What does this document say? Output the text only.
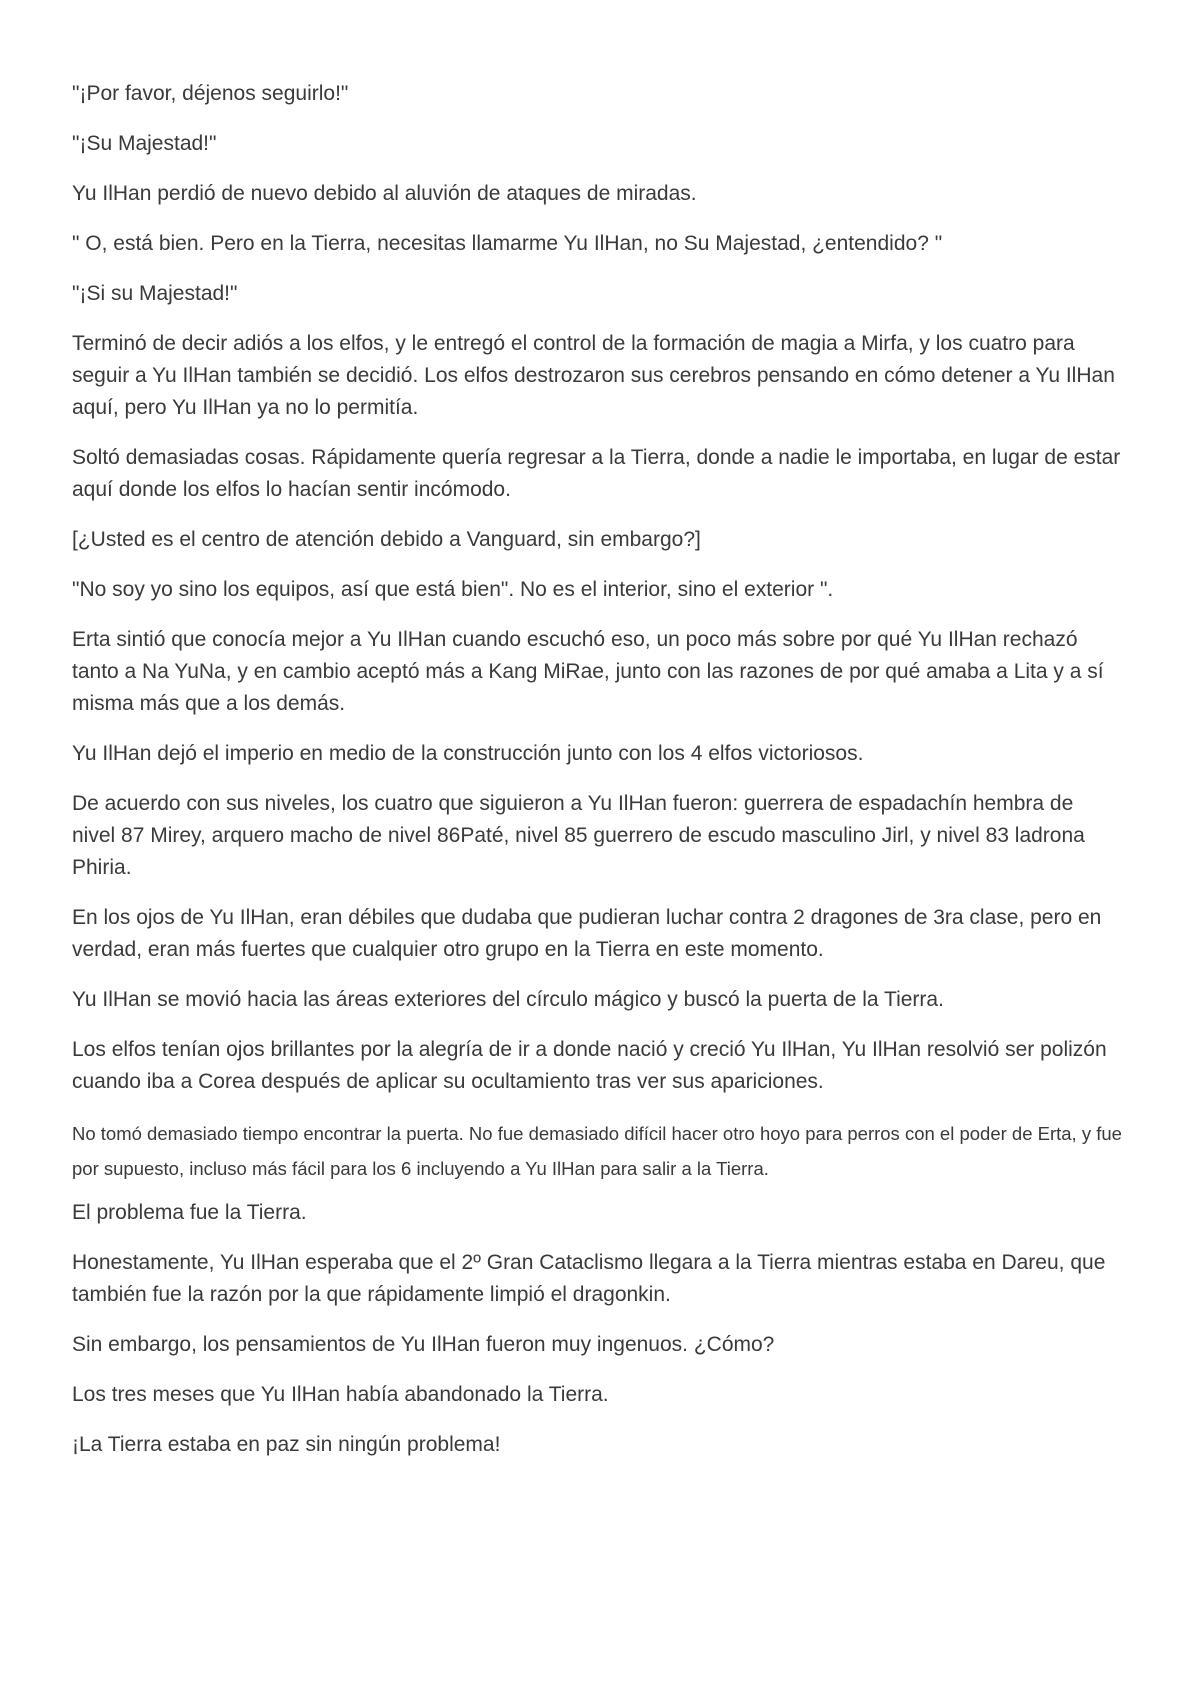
"¡Por favor, déjenos seguirlo!"

"¡Su Majestad!"

Yu IlHan perdió de nuevo debido al aluvión de ataques de miradas.

" O, está bien. Pero en la Tierra, necesitas llamarme Yu IlHan, no Su Majestad, ¿entendido? "

"¡Si su Majestad!"

Terminó de decir adiós a los elfos, y le entregó el control de la formación de magia a Mirfa, y los cuatro para seguir a Yu IlHan también se decidió. Los elfos destrozaron sus cerebros pensando en cómo detener a Yu IlHan aquí, pero Yu IlHan ya no lo permitía.

Soltó demasiadas cosas. Rápidamente quería regresar a la Tierra, donde a nadie le importaba, en lugar de estar aquí donde los elfos lo hacían sentir incómodo.

[¿Usted es el centro de atención debido a Vanguard, sin embargo?]

"No soy yo sino los equipos, así que está bien". No es el interior, sino el exterior ".

Erta sintió que conocía mejor a Yu IlHan cuando escuchó eso, un poco más sobre por qué Yu IlHan rechazó tanto a Na YuNa, y en cambio aceptó más a Kang MiRae, junto con las razones de por qué amaba a Lita y a sí misma más que a los demás.

Yu IlHan dejó el imperio en medio de la construcción junto con los 4 elfos victoriosos.

De acuerdo con sus niveles, los cuatro que siguieron a Yu IlHan fueron: guerrera de espadachín hembra de nivel 87 Mirey, arquero macho de nivel 86Paté, nivel 85 guerrero de escudo masculino Jirl, y nivel 83 ladrona Phiria.

En los ojos de Yu IlHan, eran débiles que dudaba que pudieran luchar contra 2 dragones de 3ra clase, pero en verdad, eran más fuertes que cualquier otro grupo en la Tierra en este momento.

Yu IlHan se movió hacia las áreas exteriores del círculo mágico y buscó la puerta de la Tierra.

Los elfos tenían ojos brillantes por la alegría de ir a donde nació y creció Yu IlHan, Yu IlHan resolvió ser polizón cuando iba a Corea después de aplicar su ocultamiento tras ver sus apariciones.

No tomó demasiado tiempo encontrar la puerta. No fue demasiado difícil hacer otro hoyo para perros con el poder de Erta, y fue por supuesto, incluso más fácil para los 6 incluyendo a Yu IlHan para salir a la Tierra.

El problema fue la Tierra.

Honestamente, Yu IlHan esperaba que el 2º Gran Cataclismo llegara a la Tierra mientras estaba en Dareu, que también fue la razón por la que rápidamente limpió el dragonkin.

Sin embargo, los pensamientos de Yu IlHan fueron muy ingenuos. ¿Cómo?

Los tres meses que Yu IlHan había abandonado la Tierra.

¡La Tierra estaba en paz sin ningún problema!
